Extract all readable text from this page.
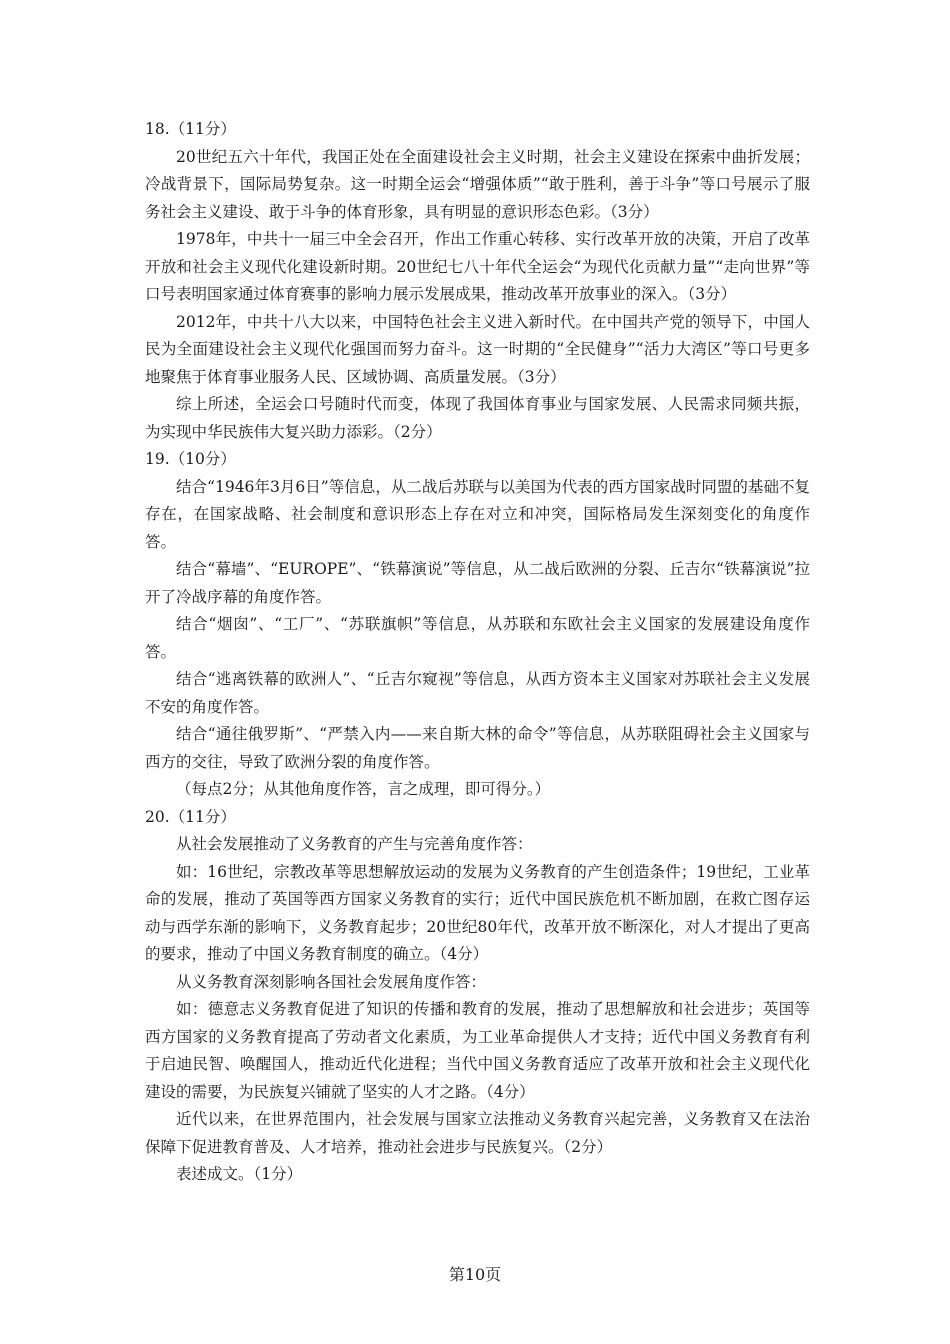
18.（11分）

20世纪五六十年代，我国正处在全面建设社会主义时期，社会主义建设在探索中曲折发展；冷战背景下，国际局势复杂。这一时期全运会“增强体质”“敢于胜利，善于斗争”等口号展示了服务社会主义建设、敢于斗争的体育形象，具有明显的意识形态色彩。（3分）

1978年，中共十一届三中全会召开，作出工作重心转移、实行改革开放的决策，开启了改革开放和社会主义现代化建设新时期。20世纪七八十年代全运会“为现代化贡献力量”“走向世界”等口号表明国家通过体育赛事的影响力展示发展成果，推动改革开放事业的深入。（3分）

2012年，中共十八大以来，中国特色社会主义进入新时代。在中国共产党的领导下，中国人民为全面建设社会主义现代化强国而努力奋斗。这一时期的“全民健身”“活力大湾区”等口号更多地聚焦于体育事业服务人民、区域协调、高质量发展。（3分）

综上所述，全运会口号随时代而变，体现了我国体育事业与国家发展、人民需求同频共振，为实现中华民族伟大复兴助力添彩。（2分）

19.（10分）

结合“1946年3月6日”等信息，从二战后苏联与以美国为代表的西方国家战时同盟的基础不复存在，在国家战略、社会制度和意识形态上存在对立和冲突，国际格局发生深刻变化的角度作答。

结合“幕墙”、“EUROPE”、“铁幕演说”等信息，从二战后欧洲的分裂、丘吉尔“铁幕演说”拉开了冷战序幕的角度作答。

结合“烟囱”、“工厂”、“苏联旗帜”等信息，从苏联和东欧社会主义国家的发展建设角度作答。

结合“逃离铁幕的欧洲人”、“丘吉尔窥视”等信息，从西方资本主义国家对苏联社会主义发展不安的角度作答。

结合“通往俄罗斯”、“严禁入内——来自斯大林的命令”等信息，从苏联阻碍社会主义国家与西方的交往，导致了欧洲分裂的角度作答。

（每点2分；从其他角度作答，言之成理，即可得分。）

20.（11分）

从社会发展推动了义务教育的产生与完善角度作答：

如：16世纪，宗教改革等思想解放运动的发展为义务教育的产生创造条件；19世纪，工业革命的发展，推动了英国等西方国家义务教育的实行；近代中国民族危机不断加剧，在救亡图存运动与西学东渐的影响下，义务教育起步；20世纪80年代，改革开放不断深化，对人才提出了更高的要求，推动了中国义务教育制度的确立。（4分）

从义务教育深刻影响各国社会发展角度作答：

如：德意志义务教育促进了知识的传播和教育的发展，推动了思想解放和社会进步；英国等西方国家的义务教育提高了劳动者文化素质，为工业革命提供人才支持；近代中国义务教育有利于启迪民智、唤醒国人，推动近代化进程；当代中国义务教育适应了改革开放和社会主义现代化建设的需要，为民族复兴铺就了坚实的人才之路。（4分）

近代以来，在世界范围内，社会发展与国家立法推动义务教育兴起完善，义务教育又在法治保障下促进教育普及、人才培养，推动社会进步与民族复兴。（2分）

表述成文。（1分）

第10页
